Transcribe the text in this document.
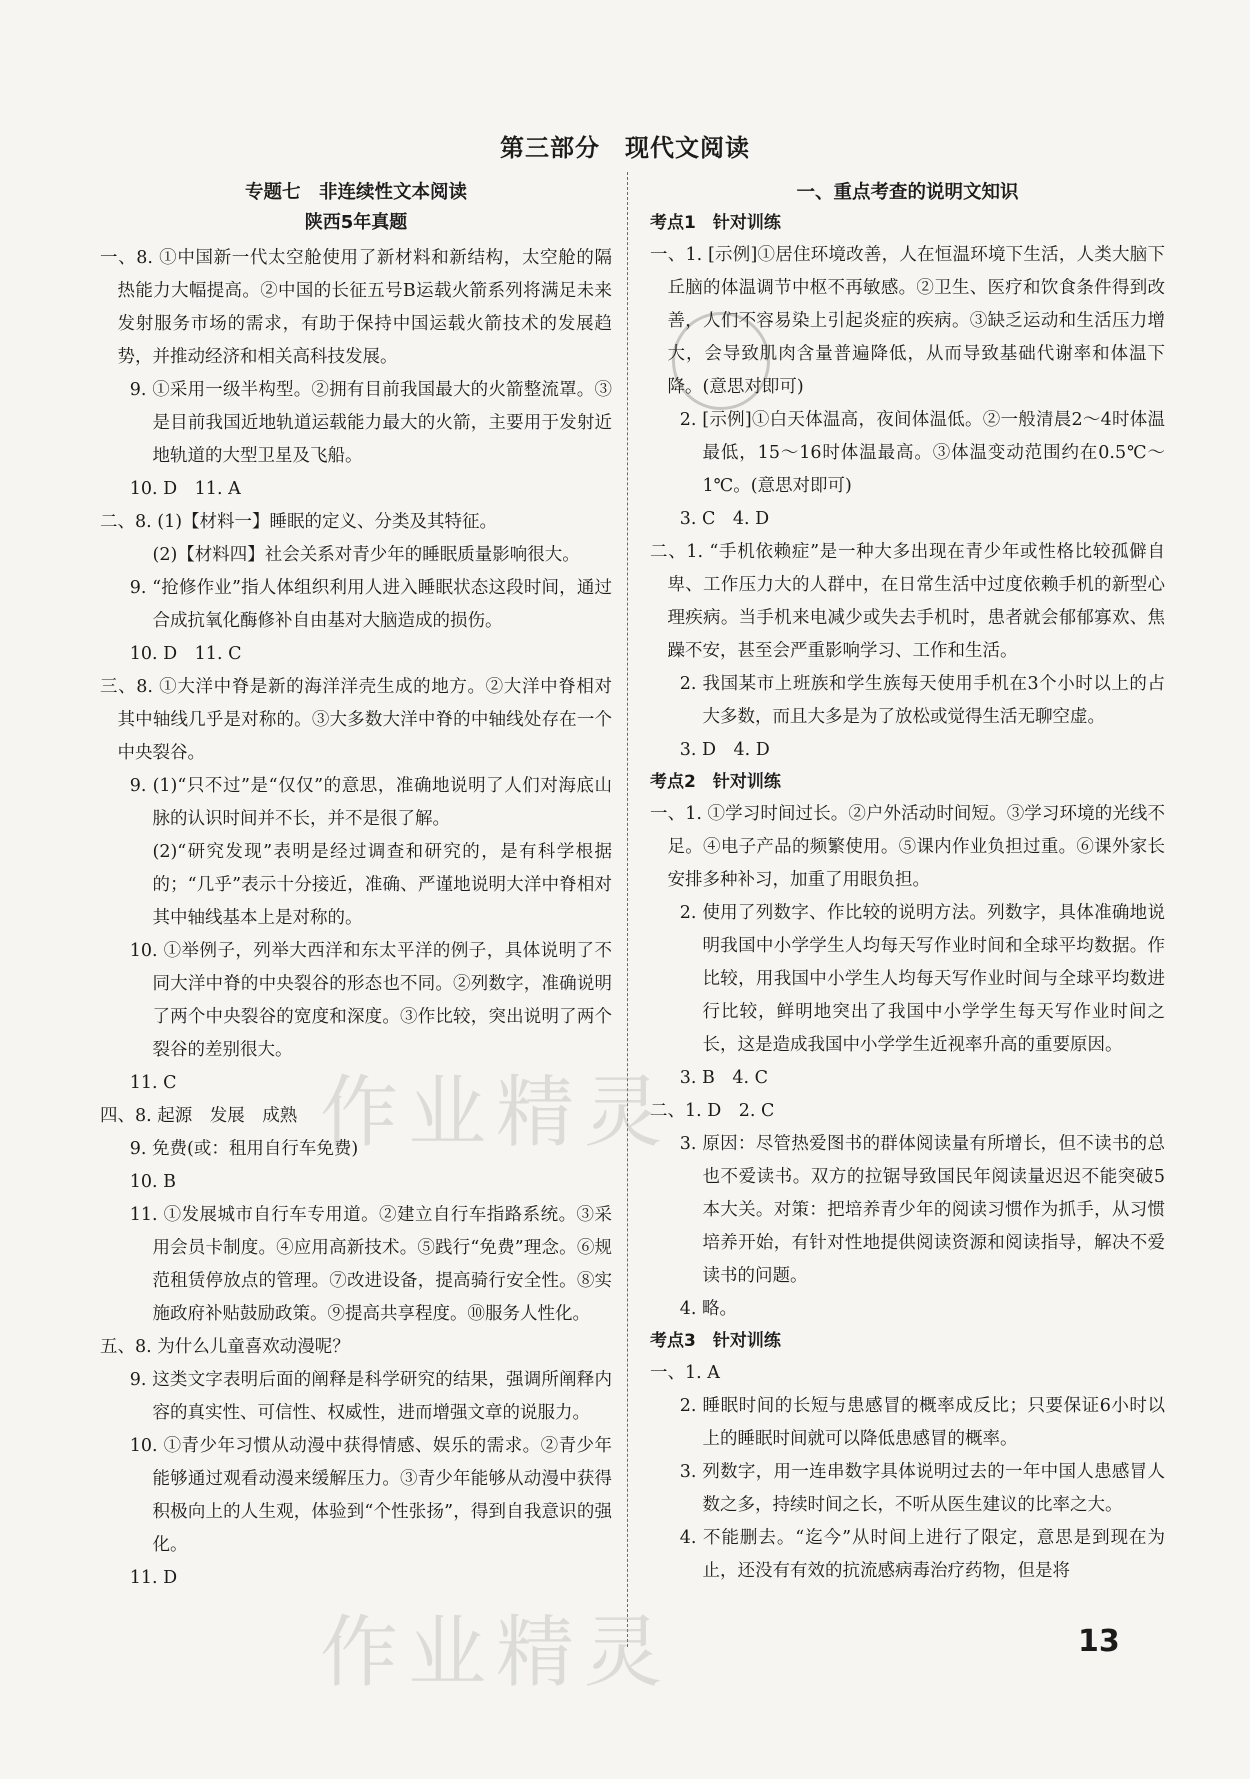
第三部分　现代文阅读
专题七　非连续性文本阅读
陕西5年真题
一、8. ①中国新一代太空舱使用了新材料和新结构，太空舱的隔热能力大幅提高。②中国的长征五号B运载火箭系列将满足未来发射服务市场的需求，有助于保持中国运载火箭技术的发展趋势，并推动经济和相关高科技发展。
9. ①采用一级半构型。②拥有目前我国最大的火箭整流罩。③是目前我国近地轨道运载能力最大的火箭，主要用于发射近地轨道的大型卫星及飞船。
10. D　11. A
二、8. (1)【材料一】睡眠的定义、分类及其特征。
(2)【材料四】社会关系对青少年的睡眠质量影响很大。
9. “抢修作业”指人体组织利用人进入睡眠状态这段时间，通过合成抗氧化酶修补自由基对大脑造成的损伤。
10. D　11. C
三、8. ①大洋中脊是新的海洋洋壳生成的地方。②大洋中脊相对其中轴线几乎是对称的。③大多数大洋中脊的中轴线处存在一个中央裂谷。
9. (1)“只不过”是“仅仅”的意思，准确地说明了人们对海底山脉的认识时间并不长，并不是很了解。
(2)“研究发现”表明是经过调查和研究的，是有科学根据的；“几乎”表示十分接近，准确、严谨地说明大洋中脊相对其中轴线基本上是对称的。
10. ①举例子，列举大西洋和东太平洋的例子，具体说明了不同大洋中脊的中央裂谷的形态也不同。②列数字，准确说明了两个中央裂谷的宽度和深度。③作比较，突出说明了两个裂谷的差别很大。
11. C
四、8. 起源　发展　成熟
9. 免费(或：租用自行车免费)
10. B
11. ①发展城市自行车专用道。②建立自行车指路系统。③采用会员卡制度。④应用高新技术。⑤践行“免费”理念。⑥规范租赁停放点的管理。⑦改进设备，提高骑行安全性。⑧实施政府补贴鼓励政策。⑨提高共享程度。⑩服务人性化。
五、8. 为什么儿童喜欢动漫呢？
9. 这类文字表明后面的阐释是科学研究的结果，强调所阐释内容的真实性、可信性、权威性，进而增强文章的说服力。
10. ①青少年习惯从动漫中获得情感、娱乐的需求。②青少年能够通过观看动漫来缓解压力。③青少年能够从动漫中获得积极向上的人生观，体验到“个性张扬”，得到自我意识的强化。
11. D
一、重点考查的说明文知识
考点1　针对训练
一、1. [示例]①居住环境改善，人在恒温环境下生活，人类大脑下丘脑的体温调节中枢不再敏感。②卫生、医疗和饮食条件得到改善，人们不容易染上引起炎症的疾病。③缺乏运动和生活压力增大，会导致肌肉含量普遍降低，从而导致基础代谢率和体温下降。(意思对即可)
2. [示例]①白天体温高，夜间体温低。②一般清晨2～4时体温最低，15～16时体温最高。③体温变动范围约在0.5℃～1℃。(意思对即可)
3. C　4. D
二、1. “手机依赖症”是一种大多出现在青少年或性格比较孤僻自卑、工作压力大的人群中，在日常生活中过度依赖手机的新型心理疾病。当手机来电减少或失去手机时，患者就会郁郁寡欢、焦躁不安，甚至会严重影响学习、工作和生活。
2. 我国某市上班族和学生族每天使用手机在3个小时以上的占大多数，而且大多是为了放松或觉得生活无聊空虚。
3. D　4. D
考点2　针对训练
一、1. ①学习时间过长。②户外活动时间短。③学习环境的光线不足。④电子产品的频繁使用。⑤课内作业负担过重。⑥课外家长安排多种补习，加重了用眼负担。
2. 使用了列数字、作比较的说明方法。列数字，具体准确地说明我国中小学学生人均每天写作业时间和全球平均数据。作比较，用我国中小学生人均每天写作业时间与全球平均数进行比较，鲜明地突出了我国中小学学生每天写作业时间之长，这是造成我国中小学学生近视率升高的重要原因。
3. B　4. C
二、1. D　2. C
3. 原因：尽管热爱图书的群体阅读量有所增长，但不读书的总也不爱读书。双方的拉锯导致国民年阅读量迟迟不能突破5本大关。对策：把培养青少年的阅读习惯作为抓手，从习惯培养开始，有针对性地提供阅读资源和阅读指导，解决不爱读书的问题。
4. 略。
考点3　针对训练
一、1. A
2. 睡眠时间的长短与患感冒的概率成反比；只要保证6小时以上的睡眠时间就可以降低患感冒的概率。
3. 列数字，用一连串数字具体说明过去的一年中国人患感冒人数之多，持续时间之长，不听从医生建议的比率之大。
4. 不能删去。“迄今”从时间上进行了限定，意思是到现在为止，还没有有效的抗流感病毒治疗药物，但是将
作业精灵
作业精灵	13
